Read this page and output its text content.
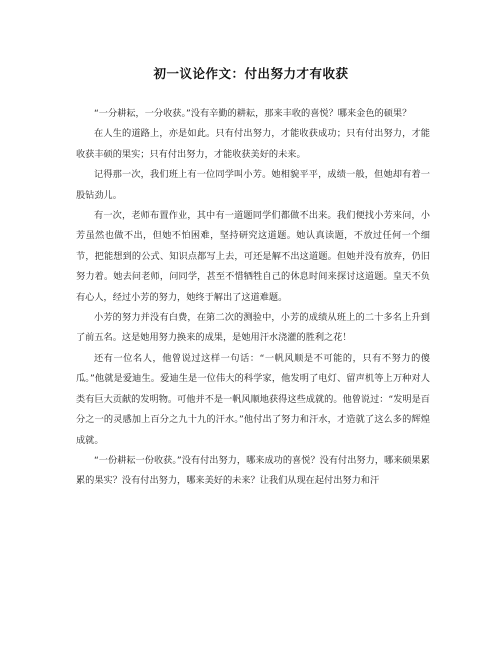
初一议论作文：付出努力才有收获

“一分耕耘，一分收获。”没有辛勤的耕耘，那来丰收的喜悦？哪来金色的硕果？

在人生的道路上，亦是如此。只有付出努力，才能收获成功；只有付出努力，才能收获丰硕的果实；只有付出努力，才能收获美好的未来。

记得那一次，我们班上有一位同学叫小芳。她相貌平平，成绩一般，但她却有着一股钻劲儿。

有一次，老师布置作业，其中有一道题同学们都做不出来。我们便找小芳来问，小芳虽然也做不出，但她不怕困难，坚持研究这道题。她认真读题，不放过任何一个细节，把能想到的公式、知识点都写上去，可还是解不出这道题。但她并没有放弃，仍旧努力着。她去问老师，问同学，甚至不惜牺牲自己的休息时间来探讨这道题。皇天不负有心人，经过小芳的努力，她终于解出了这道难题。

小芳的努力并没有白费，在第二次的测验中，小芳的成绩从班上的二十多名上升到了前五名。这是她用努力换来的成果，是她用汗水浇灌的胜利之花！

还有一位名人，他曾说过这样一句话：“一帆风顺是不可能的，只有不努力的傻瓜。”他就是爱迪生。爱迪生是一位伟大的科学家，他发明了电灯、留声机等上万种对人类有巨大贡献的发明物。可他并不是一帆风顺地获得这些成就的。他曾说过：“发明是百分之一的灵感加上百分之九十九的汗水。”他付出了努力和汗水，才造就了这么多的辉煌成就。

“一份耕耘一份收获。”没有付出努力，哪来成功的喜悦？没有付出努力，哪来硕果累累的果实？没有付出努力，哪来美好的未来？让我们从现在起付出努力和汗
